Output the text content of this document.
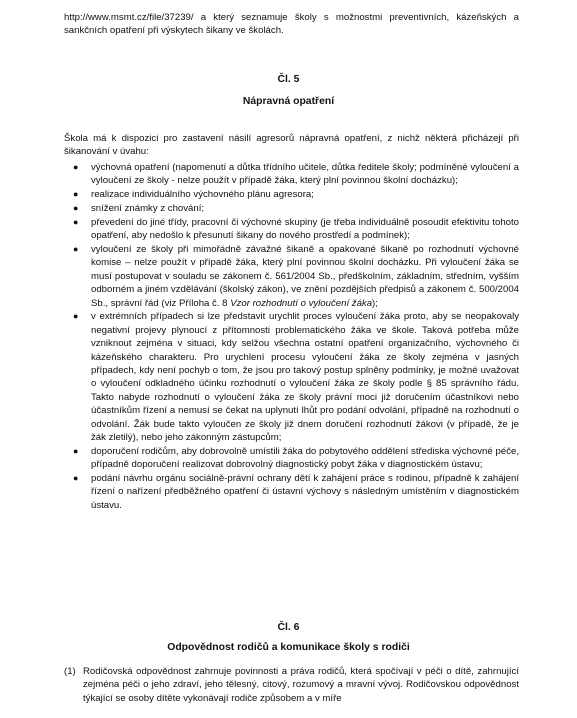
http://www.msmt.cz/file/37239/ a který seznamuje školy s možnostmi preventivních, kázeňských a sankčních opatření při výskytech šikany ve školách.

Čl. 5
Nápravná opatření

Škola má k dispozici pro zastavení násilí agresorů nápravná opatření, z nichž některá přicházejí při šikanování v úvahu:

● výchovná opatření (napomenutí a důtka třídního učitele, důtka ředitele školy; podmíněné vyloučení a vyloučení ze školy - nelze použít v případě žáka, který plní povinnou školní docházku);
● realizace individuálního výchovného plánu agresora;
● snížení známky z chování;
● převedení do jiné třídy, pracovní či výchovné skupiny (je třeba individuálně posoudit efektivitu tohoto opatření, aby nedošlo k přesunutí šikany do nového prostředí a podmínek);
● vyloučení ze školy při mimořádně závažné šikaně a opakované šikaně po rozhodnutí výchovné komise – nelze použít v případě žáka, který plní povinnou školní docházku. Při vyloučení žáka se musí postupovat v souladu se zákonem č. 561/2004 Sb., předškolním, základním, středním, vyšším odborném a jiném vzdělávání (školský zákon), ve znění pozdějších předpisů a zákonem č. 500/2004 Sb., správní řád (viz Příloha č. 8 Vzor rozhodnutí o vyloučení žáka);
● v extrémních případech si lze představit urychlit proces vyloučení žáka proto, aby se neopakovaly negativní projevy plynoucí z přítomnosti problematického žáka ve škole. Taková potřeba může vzniknout zejména v situaci, kdy selžou všechna ostatní opatření organizačního, výchovného či kázeňského charakteru. Pro urychlení procesu vyloučení žáka ze školy zejména v jasných případech, kdy není pochyb o tom, že jsou pro takový postup splněny podmínky, je možné uvažovat o vyloučení odkladného účinku rozhodnutí o vyloučení žáka ze školy podle § 85 správního řádu. Takto nabyde rozhodnutí o vyloučení žáka ze školy právní moci již doručením účastníkovi nebo účastníkům řízení a nemusí se čekat na uplynutí lhůt pro podání odvolání, případně na rozhodnutí o odvolání. Žák bude takto vyloučen ze školy již dnem doručení rozhodnutí žákovi (v případě, že je žák zletilý), nebo jeho zákonným zástupcům;
● doporučení rodičům, aby dobrovolně umístili žáka do pobytového oddělení střediska výchovné péče, případně doporučení realizovat dobrovolný diagnostický pobyt žáka v diagnostickém ústavu;
● podání návrhu orgánu sociálně-právní ochrany dětí k zahájení práce s rodinou, případně k zahájení řízení o nařízení předběžného opatření či ústavní výchovy s následným umístěním v diagnostickém ústavu.
Čl. 6
Odpovědnost rodičů a komunikace školy s rodiči
(1) Rodičovská odpovědnost zahrnuje povinnosti a práva rodičů, která spočívají v péči o dítě, zahrnující zejména péči o jeho zdraví, jeho tělesný, citový, rozumový a mravní vývoj. Rodičovskou odpovědnost týkající se osoby dítěte vykonávají rodiče způsobem a v míře
